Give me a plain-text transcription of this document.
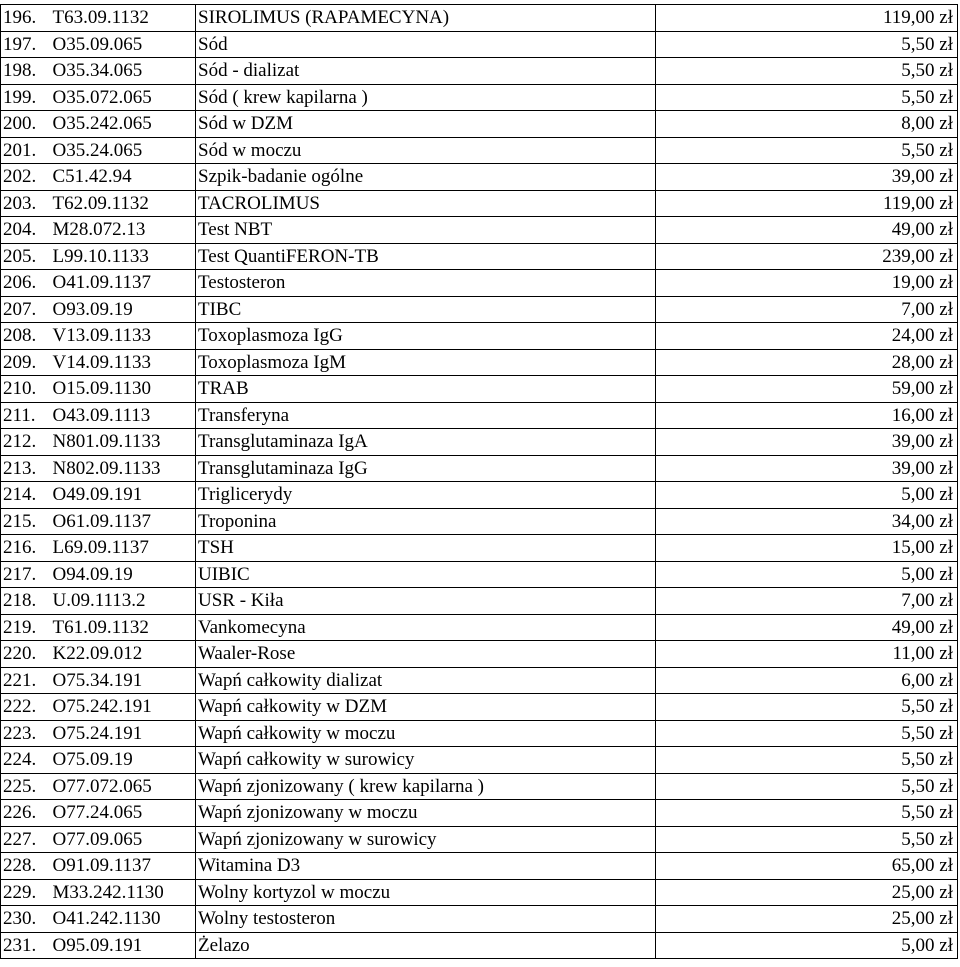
196.	T63.09.1132	SIROLIMUS (RAPAMECYNA)	119,00 zł
197.	O35.09.065	Sód	5,50 zł
198.	O35.34.065	Sód - dializat	5,50 zł
199.	O35.072.065	Sód ( krew kapilarna )	5,50 zł
200.	O35.242.065	Sód w DZM	8,00 zł
201.	O35.24.065	Sód w moczu	5,50 zł
202.	C51.42.94	Szpik-badanie ogólne	39,00 zł
203.	T62.09.1132	TACROLIMUS	119,00 zł
204.	M28.072.13	Test NBT	49,00 zł
205.	L99.10.1133	Test QuantiFERON-TB	239,00 zł
206.	O41.09.1137	Testosteron	19,00 zł
207.	O93.09.19	TIBC	7,00 zł
208.	V13.09.1133	Toxoplasmoza IgG	24,00 zł
209.	V14.09.1133	Toxoplasmoza IgM	28,00 zł
210.	O15.09.1130	TRAB	59,00 zł
211.	O43.09.1113	Transferyna	16,00 zł
212.	N801.09.1133	Transglutaminaza IgA	39,00 zł
213.	N802.09.1133	Transglutaminaza IgG	39,00 zł
214.	O49.09.191	Triglicerydy	5,00 zł
215.	O61.09.1137	Troponina	34,00 zł
216.	L69.09.1137	TSH	15,00 zł
217.	O94.09.19	UIBIC	5,00 zł
218.	U.09.1113.2	USR - Kiła	7,00 zł
219.	T61.09.1132	Vankomecyna	49,00 zł
220.	K22.09.012	Waaler-Rose	11,00 zł
221.	O75.34.191	Wapń całkowity dializat	6,00 zł
222.	O75.242.191	Wapń całkowity w DZM	5,50 zł
223.	O75.24.191	Wapń całkowity w moczu	5,50 zł
224.	O75.09.19	Wapń całkowity w surowicy	5,50 zł
225.	O77.072.065	Wapń zjonizowany ( krew kapilarna )	5,50 zł
226.	O77.24.065	Wapń zjonizowany w moczu	5,50 zł
227.	O77.09.065	Wapń zjonizowany w surowicy	5,50 zł
228.	O91.09.1137	Witamina D3	65,00 zł
229.	M33.242.1130	Wolny kortyzol w moczu	25,00 zł
230.	O41.242.1130	Wolny testosteron	25,00 zł
231.	O95.09.191	Żelazo	5,00 zł
